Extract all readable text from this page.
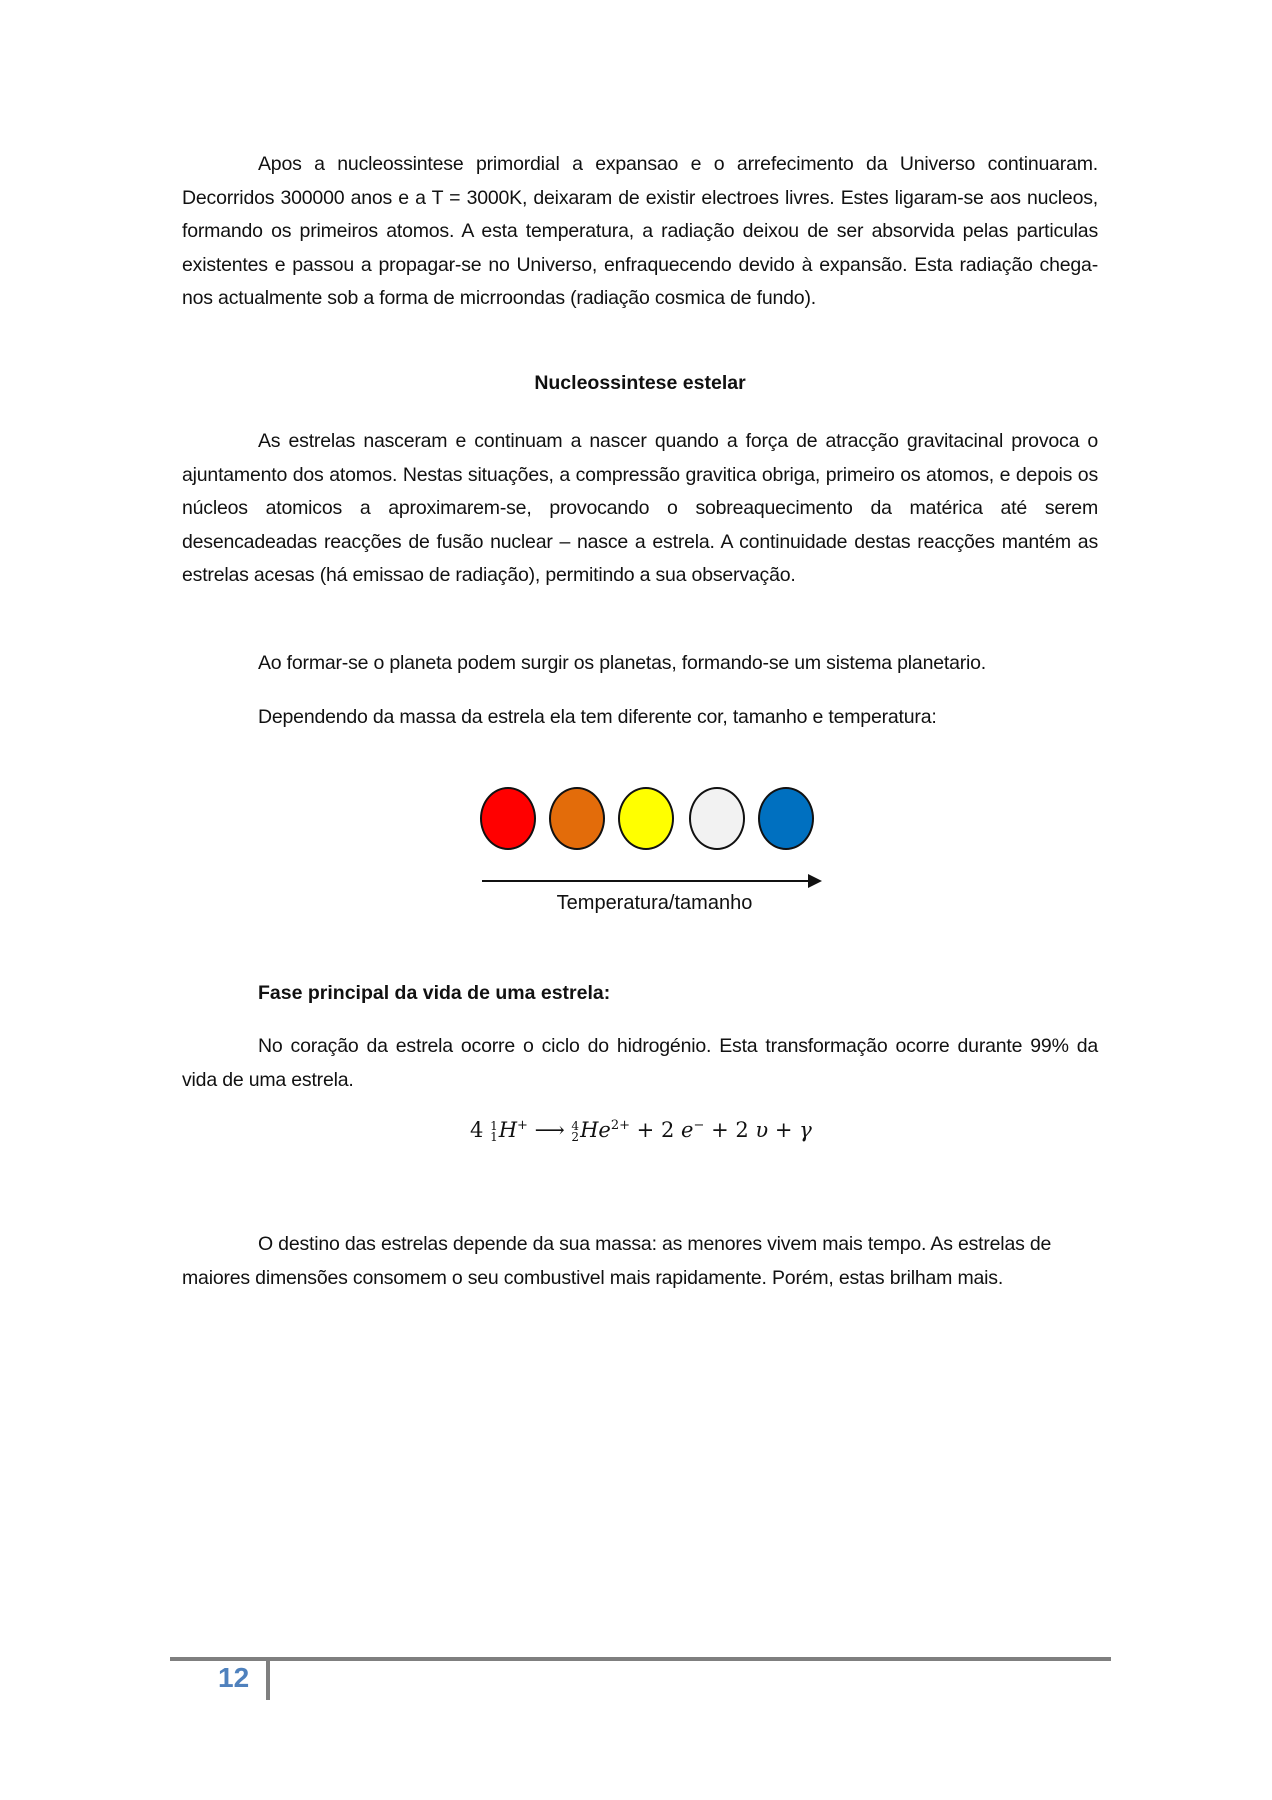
Apos a nucleossintese primordial a expansao e o arrefecimento da Universo continuaram. Decorridos 300000 anos e a T = 3000K, deixaram de existir electroes livres. Estes ligaram-se aos nucleos, formando os primeiros atomos. A esta temperatura, a radiação deixou de ser absorvida pelas particulas existentes e passou a propagar-se no Universo, enfraquecendo devido à expansão. Esta radiação chega-nos actualmente sob a forma de micrroondas (radiação cosmica de fundo).

Nucleossintese estelar

As estrelas nasceram e continuam a nascer quando a força de atracção gravitacinal provoca o ajuntamento dos atomos. Nestas situações, a compressão gravitica obriga, primeiro os atomos, e depois os núcleos atomicos a aproximarem-se, provocando o sobreaquecimento da matérica até serem desencadeadas reacções de fusão nuclear – nasce a estrela. A continuidade destas reacções mantém as estrelas acesas (há emissao de radiação), permitindo a sua observação.

Ao formar-se o planeta podem surgir os planetas, formando-se um sistema planetario.

Dependendo da massa da estrela ela tem diferente cor, tamanho e temperatura:

Temperatura/tamanho

Fase principal da vida de uma estrela:

No coração da estrela ocorre o ciclo do hidrogénio. Esta transformação ocorre durante 99% da vida de uma estrela.

4 1
1 H+ ⟶ 4
2 $He^{2+} + 2$ e− + 2 υ + γ

O destino das estrelas depende da sua massa: as menores vivem mais tempo. As estrelas de maiores dimensões consomem o seu combustivel mais rapidamente. Porém, estas brilham mais.

12
